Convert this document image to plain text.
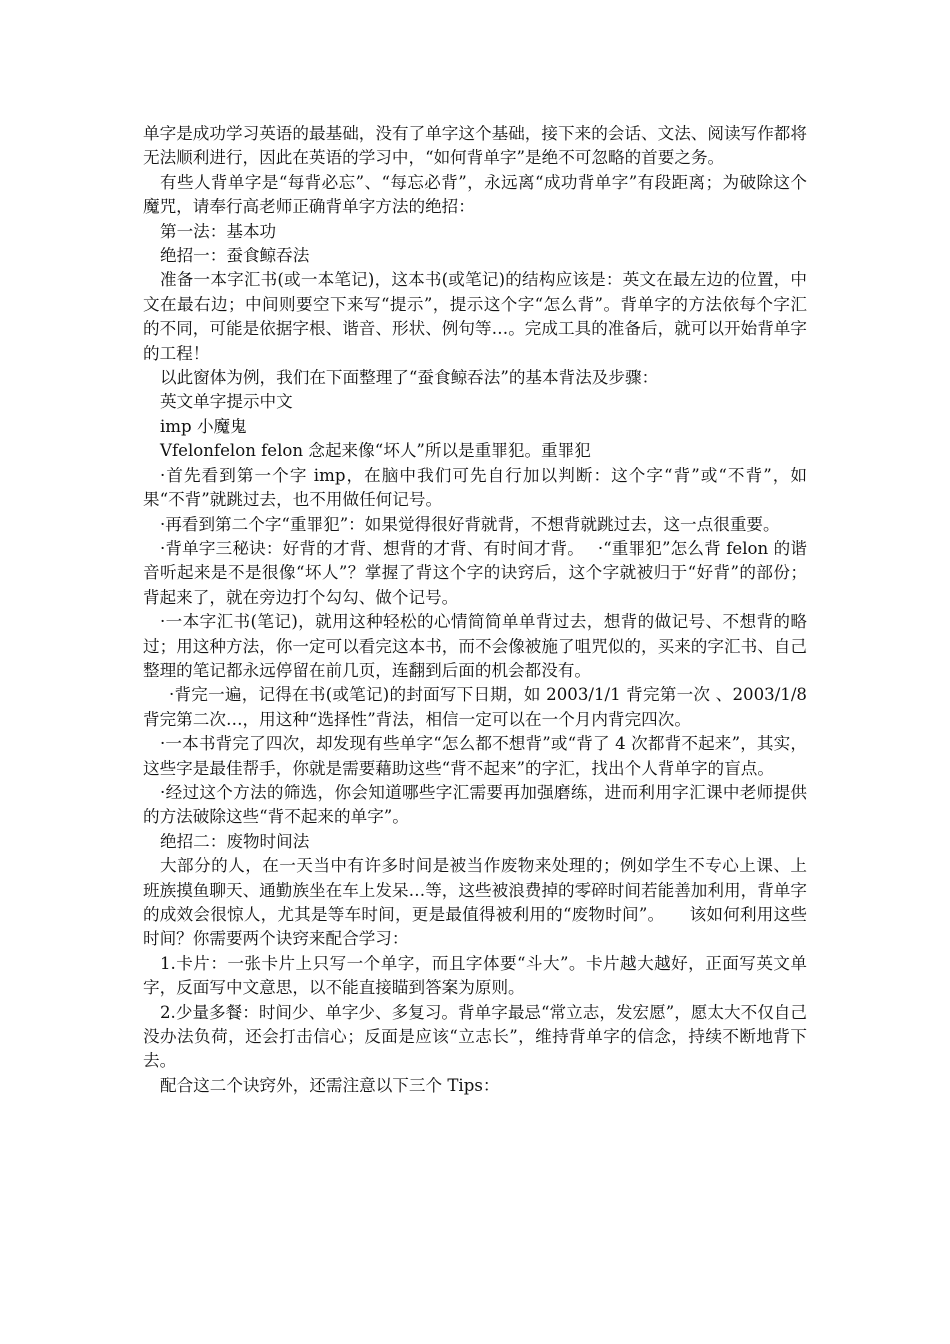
单字是成功学习英语的最基础，没有了单字这个基础，接下来的会话、文法、阅读写作都将无法顺利进行，因此在英语的学习中，“如何背单字”是绝不可忽略的首要之务。

有些人背单字是“每背必忘”、“每忘必背”，永远离“成功背单字”有段距离；为破除这个魔咒，请奉行高老师正确背单字方法的绝招：

第一法：基本功

绝招一：蚕食鲸吞法

准备一本字汇书(或一本笔记)，这本书(或笔记)的结构应该是：英文在最左边的位置，中文在最右边；中间则要空下来写“提示”，提示这个字“怎么背”。背单字的方法依每个字汇的不同，可能是依据字根、谐音、形状、例句等…。完成工具的准备后，就可以开始背单字的工程！

以此窗体为例，我们在下面整理了“蚕食鲸吞法”的基本背法及步骤：

英文单字提示中文

imp 小魔鬼

Vfelonfelon felon 念起来像“坏人”所以是重罪犯。重罪犯

·首先看到第一个字 imp，在脑中我们可先自行加以判断：这个字“背”或“不背”，如果“不背”就跳过去，也不用做任何记号。

·再看到第二个字“重罪犯”：如果觉得很好背就背，不想背就跳过去，这一点很重要。

·背单字三秘诀：好背的才背、想背的才背、有时间才背。　 ·“重罪犯”怎么背 felon 的谐音听起来是不是很像“坏人”？掌握了背这个字的诀窍后，这个字就被归于“好背”的部份；背起来了，就在旁边打个勾勾、做个记号。

·一本字汇书(笔记)，就用这种轻松的心情简简单单背过去，想背的做记号、不想背的略过；用这种方法，你一定可以看完这本书，而不会像被施了咀咒似的，买来的字汇书、自己整理的笔记都永远停留在前几页，连翻到后面的机会都没有。

·背完一遍，记得在书(或笔记)的封面写下日期，如 2003/1/1 背完第一次 、2003/1/8 背完第二次…，用这种“选择性”背法，相信一定可以在一个月内背完四次。

·一本书背完了四次，却发现有些单字“怎么都不想背”或“背了 4 次都背不起来”，其实，这些字是最佳帮手，你就是需要藉助这些“背不起来”的字汇，找出个人背单字的盲点。

·经过这个方法的筛选，你会知道哪些字汇需要再加强磨练，进而利用字汇课中老师提供的方法破除这些“背不起来的单字”。

绝招二：废物时间法

大部分的人，在一天当中有许多时间是被当作废物来处理的；例如学生不专心上课、上班族摸鱼聊天、通勤族坐在车上发呆…等，这些被浪费掉的零碎时间若能善加利用，背单字的成效会很惊人，尤其是等车时间，更是最值得被利用的“废物时间”。　　该如何利用这些时间？你需要两个诀窍来配合学习：

1.卡片：一张卡片上只写一个单字，而且字体要“斗大”。卡片越大越好，正面写英文单字，反面写中文意思，以不能直接瞄到答案为原则。

2.少量多餐：时间少、单字少、多复习。背单字最忌“常立志，发宏愿”，愿太大不仅自己没办法负荷，还会打击信心；反面是应该“立志长”，维持背单字的信念，持续不断地背下去。

配合这二个诀窍外，还需注意以下三个 Tips：
